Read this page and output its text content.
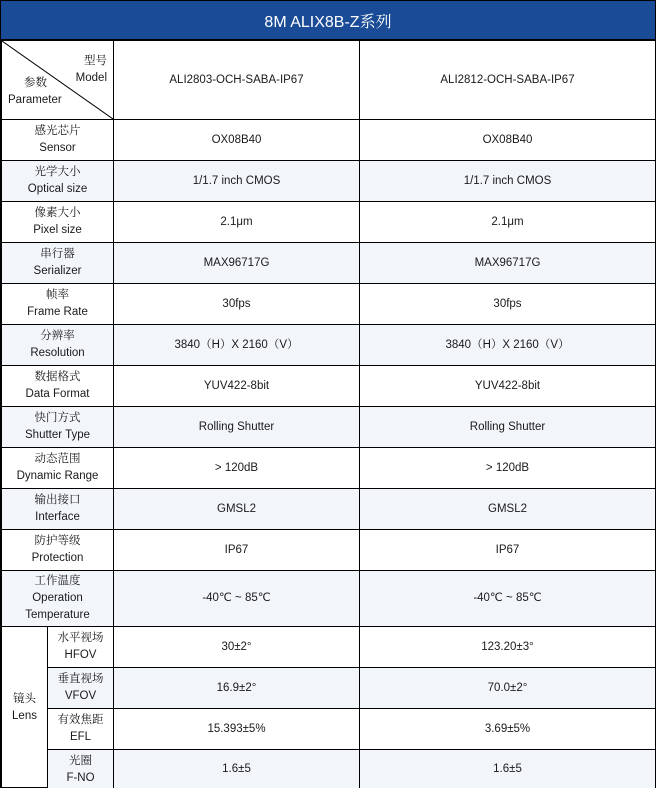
8M ALIX8B-Z系列
型号
Model
参数
Parameter		ALI2803-OCH-SABA-IP67	ALI2812-OCH-SABA-IP67

感光芯片
Sensor		OX08B40	OX08B40

光学大小
Optical size		1/1.7 inch CMOS	1/1.7 inch CMOS

像素大小
Pixel size		2.1μm	2.1μm

串行器
Serializer		MAX96717G	MAX96717G

帧率
Frame Rate		30fps	30fps

分辨率
Resolution		3840（H）X 2160（V）	3840（H）X 2160（V）

数据格式
Data Format		YUV422-8bit	YUV422-8bit

快门方式
Shutter Type		Rolling Shutter	Rolling Shutter

动态范围
Dynamic Range		> 120dB	> 120dB

输出接口
Interface		GMSL2	GMSL2

防护等级
Protection		IP67	IP67

工作温度
Operation
Temperature		-40℃ ~ 85℃	-40℃ ~ 85℃

镜头
Lens	水平视场
HFOV	30±2°	123.20±3°

	垂直视场
VFOV	16.9±2°	70.0±2°

	有效焦距
EFL	15.393±5%	3.69±5%

	光圈
F-NO	1.6±5	1.6±5
